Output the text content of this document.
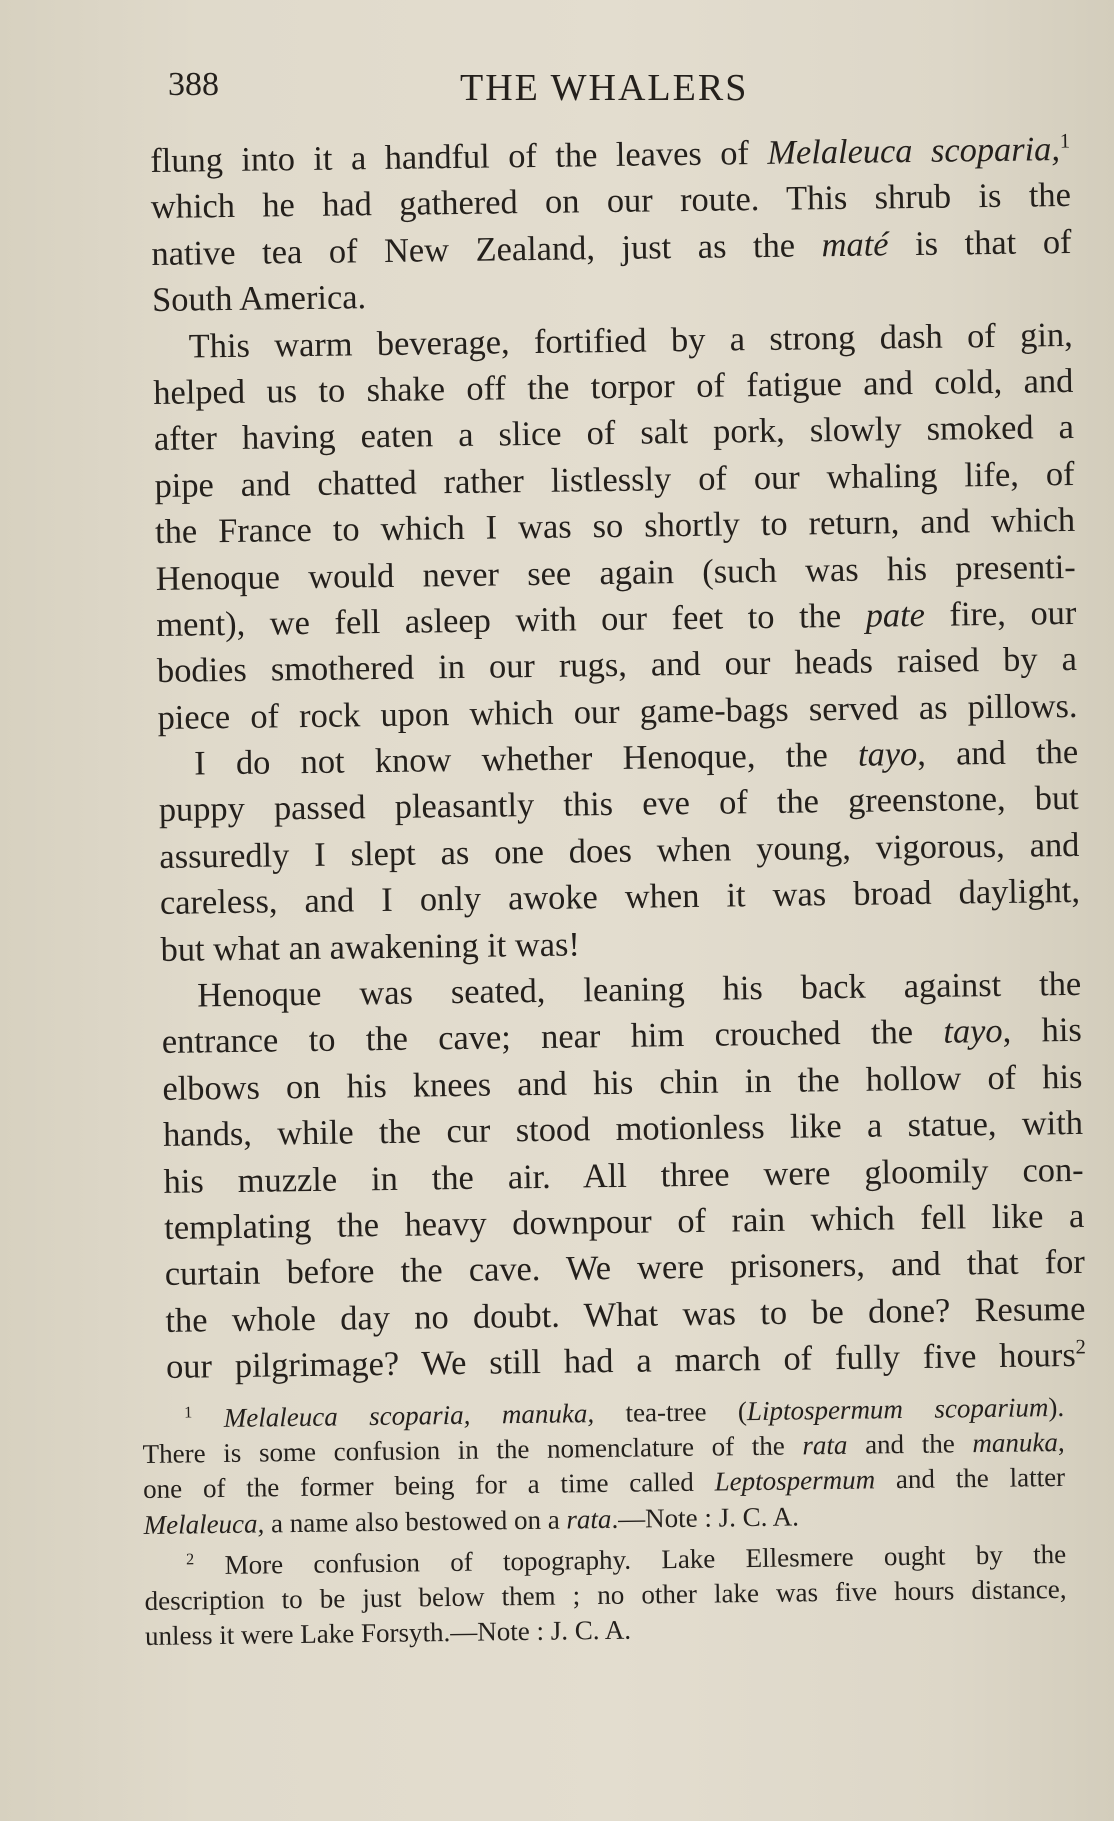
388	THE WHALERS
flung into it a handful of the leaves of Melaleuca scoparia,$^1$
which he had gathered on our route. This shrub is the
native tea of New Zealand, just as the maté is that of
South America.
This warm beverage, fortified by a strong dash of gin,
helped us to shake off the torpor of fatigue and cold, and
after having eaten a slice of salt pork, slowly smoked a
pipe and chatted rather listlessly of our whaling life, of
the France to which I was so shortly to return, and which
Henoque would never see again (such was his presenti-
ment), we fell asleep with our feet to the pate fire, our
bodies smothered in our rugs, and our heads raised by a
piece of rock upon which our game-bags served as pillows.
I do not know whether Henoque, the tayo, and the
puppy passed pleasantly this eve of the greenstone, but
assuredly I slept as one does when young, vigorous, and
careless, and I only awoke when it was broad daylight,
but what an awakening it was!
Henoque was seated, leaning his back against the
entrance to the cave; near him crouched the tayo, his
elbows on his knees and his chin in the hollow of his
hands, while the cur stood motionless like a statue, with
his muzzle in the air. All three were gloomily con-
templating the heavy downpour of rain which fell like a
curtain before the cave. We were prisoners, and that for
the whole day no doubt. What was to be done? Resume
our pilgrimage? We still had a march of fully five hours$^2$
$^1$ Melaleuca scoparia, manuka, tea-tree (Liptospermum scoparium).
There is some confusion in the nomenclature of the rata and the manuka,
one of the former being for a time called Leptospermum and the latter
Melaleuca, a name also bestowed on a rata.—Note : J. C. A.
$^2$ More confusion of topography. Lake Ellesmere ought by the
description to be just below them ; no other lake was five hours distance,
unless it were Lake Forsyth.—Note : J. C. A.
